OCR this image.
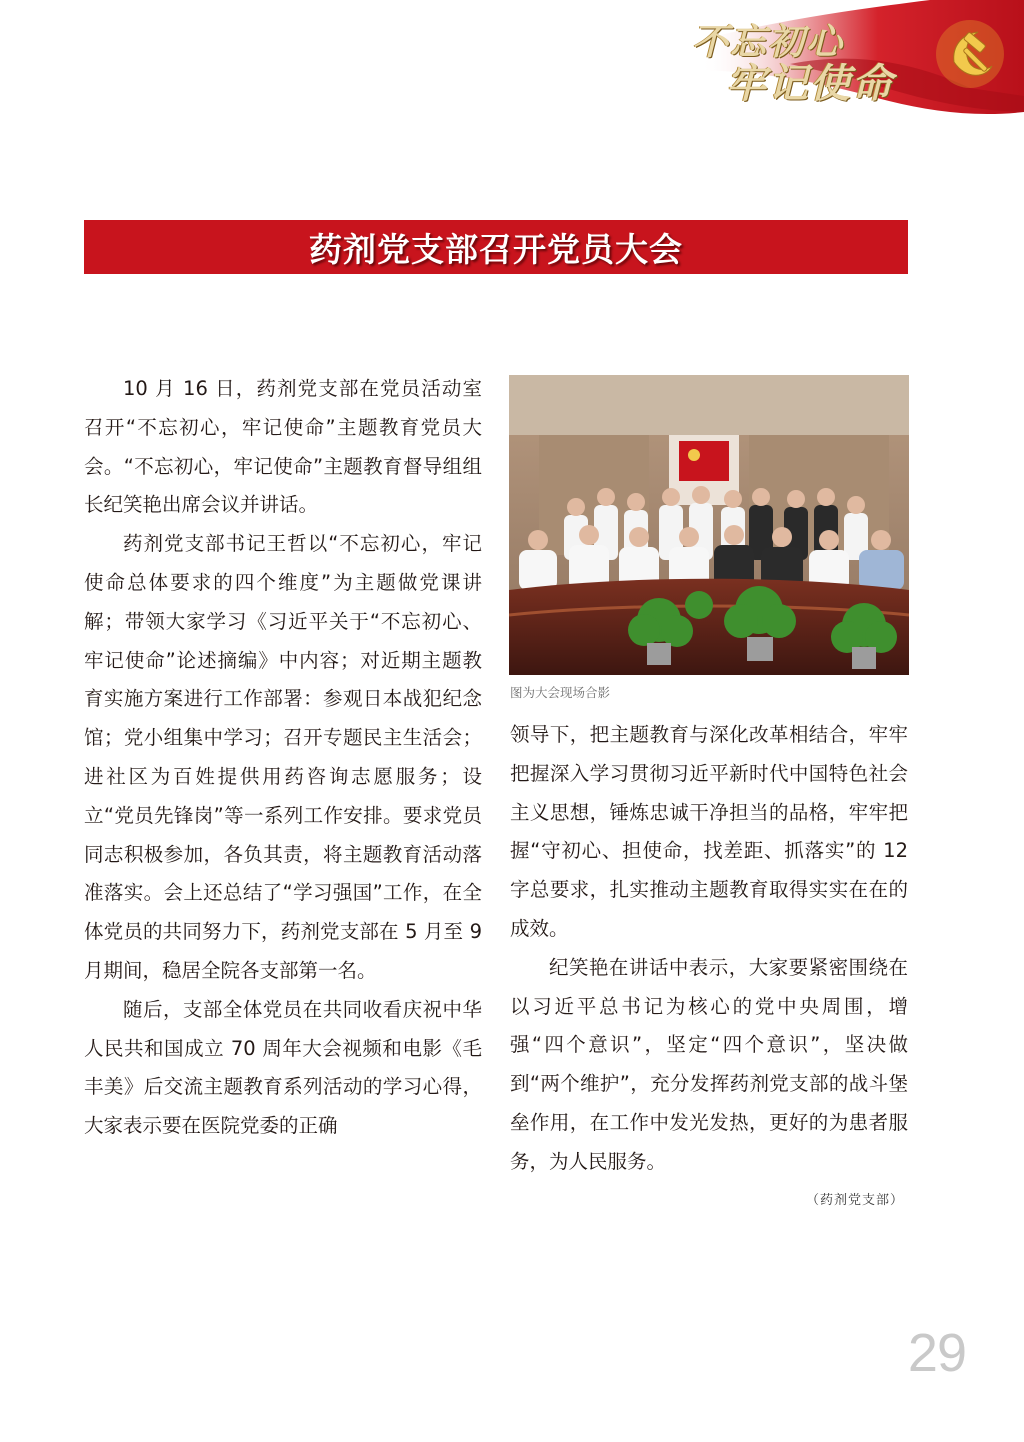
不忘初心
牢记使命
药剂党支部召开党员大会

10 月 16 日，药剂党支部在党员活动室召开“不忘初心，牢记使命”主题教育党员大会。“不忘初心，牢记使命”主题教育督导组组长纪笑艳出席会议并讲话。

药剂党支部书记王哲以“不忘初心，牢记使命总体要求的四个维度”为主题做党课讲解；带领大家学习《习近平关于“不忘初心、牢记使命”论述摘编》中内容；对近期主题教育实施方案进行工作部署：参观日本战犯纪念馆；党小组集中学习；召开专题民主生活会；进社区为百姓提供用药咨询志愿服务；设立“党员先锋岗”等一系列工作安排。要求党员同志积极参加，各负其责，将主题教育活动落准落实。会上还总结了“学习强国”工作，在全体党员的共同努力下，药剂党支部在 5 月至 9 月期间，稳居全院各支部第一名。

随后，支部全体党员在共同收看庆祝中华人民共和国成立 70 周年大会视频和电影《毛丰美》后交流主题教育系列活动的学习心得，大家表示要在医院党委的正确

图为大会现场合影

领导下，把主题教育与深化改革相结合，牢牢把握深入学习贯彻习近平新时代中国特色社会主义思想，锤炼忠诚干净担当的品格，牢牢把握“守初心、担使命，找差距、抓落实”的 12 字总要求，扎实推动主题教育取得实实在在的成效。

纪笑艳在讲话中表示，大家要紧密围绕在以习近平总书记为核心的党中央周围，增强“四个意识”，坚定“四个意识”，坚决做到“两个维护”，充分发挥药剂党支部的战斗堡垒作用，在工作中发光发热，更好的为患者服务，为人民服务。

（药剂党支部）
29
